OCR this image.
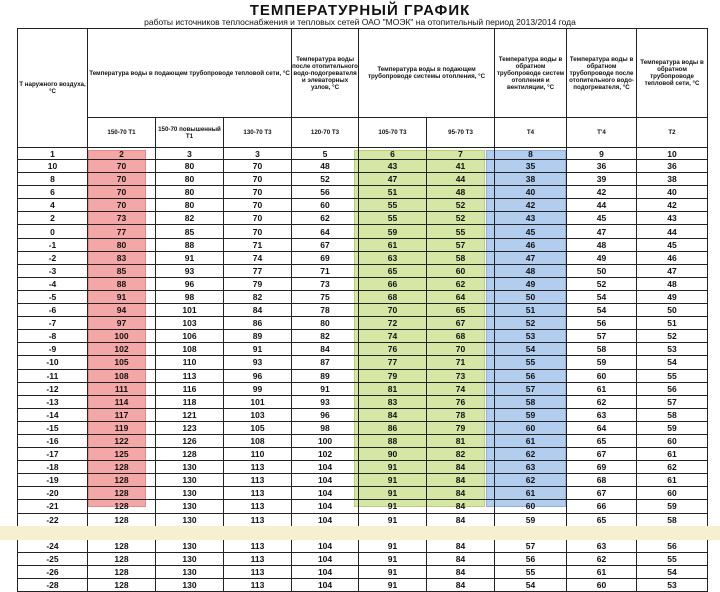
ТЕМПЕРАТУРНЫЙ ГРАФИК
работы источников теплоснабжения и тепловых сетей ОАО "МОЭК" на отопительный период 2013/2014 года
Т наружного воздуха, °С	Температура воды в подающем трубопроводе тепловой сети, °С			Температура воды после отопительного водо-подогревателя и элеваторных узлов, °С	Температура воды в подающем трубопроводе системы отопления, °С		Температура воды в обратном трубопроводе систем отопления и вентиляции, °С	Температура воды в обратном трубопроводе после отопительного водо-подогревателя, °С	Температура воды в обратном трубопроводе тепловой сети, °С
	150-70 Т1	150-70 повышенный Т1	130-70 Т3	120-70 Т3	105-70 Т3	95-70 Т3	Т4	Т'4	Т2
1	2	3	3	5	6	7	8	9	10
10	70	80	70	48	43	41	35	36	36
8	70	80	70	52	47	44	38	39	38
6	70	80	70	56	51	48	40	42	40
4	70	80	70	60	55	52	42	44	42
2	73	82	70	62	55	52	43	45	43
0	77	85	70	64	59	55	45	47	44
-1	80	88	71	67	61	57	46	48	45
-2	83	91	74	69	63	58	47	49	46
-3	85	93	77	71	65	60	48	50	47
-4	88	96	79	73	66	62	49	52	48
-5	91	98	82	75	68	64	50	54	49
-6	94	101	84	78	70	65	51	54	50
-7	97	103	86	80	72	67	52	56	51
-8	100	106	89	82	74	68	53	57	52
-9	102	108	91	84	76	70	54	58	53
-10	105	110	93	87	77	71	55	59	54
-11	108	113	96	89	79	73	56	60	55
-12	111	116	99	91	81	74	57	61	56
-13	114	118	101	93	83	76	58	62	57
-14	117	121	103	96	84	78	59	63	58
-15	119	123	105	98	86	79	60	64	59
-16	122	126	108	100	88	81	61	65	60
-17	125	128	110	102	90	82	62	67	61
-18	128	130	113	104	91	84	63	69	62
-19	128	130	113	104	91	84	62	68	61
-20	128	130	113	104	91	84	61	67	60
-21	128	130	113	104	91	84	60	66	59
-22	128	130	113	104	91	84	59	65	58

-24	128	130	113	104	91	84	57	63	56
-25	128	130	113	104	91	84	56	62	55
-26	128	130	113	104	91	84	55	61	54
-28	128	130	113	104	91	84	54	60	53
